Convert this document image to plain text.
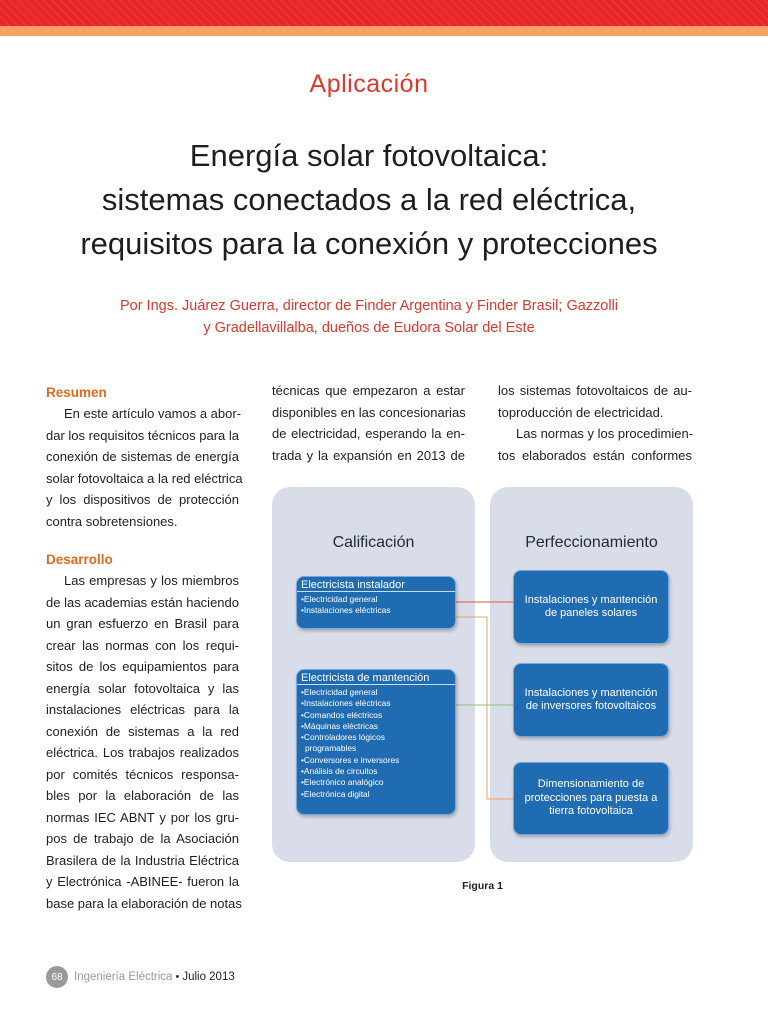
Aplicación
Energía solar fotovoltaica:
sistemas conectados a la red eléctrica,
requisitos para la conexión y protecciones
Por Ings. Juárez Guerra, director de Finder Argentina y Finder Brasil; Gazzolli
y Gradellavillalba, dueños de Eudora Solar del Este

Resumen

En este artículo vamos a abor-
dar los requisitos técnicos para la
conexión de sistemas de energía
solar fotovoltaica a la red eléctrica
y los dispositivos de protección
contra sobretensiones.

Desarrollo

Las empresas y los miembros
de las academias están haciendo
un gran esfuerzo en Brasil para
crear las normas con los requi-
sitos de los equipamientos para
energía solar fotovoltaica y las
instalaciones eléctricas para la
conexión de sistemas a la red
eléctrica. Los trabajos realizados
por comités técnicos responsa-
bles por la elaboración de las
normas IEC ABNT y por los gru-
pos de trabajo de la Asociación
Brasilera de la Industria Eléctrica
y Electrónica -ABINEE- fueron la
base para la elaboración de notas
técnicas que empezaron a estar
disponibles en las concesionarias
de electricidad, esperando la en-
trada y la expansión en 2013 de
los sistemas fotovoltaicos de au-
toproducción de electricidad.
Las normas y los procedimien-
tos elaborados están conformes
Calificación	Perfeccionamiento
Electricista instalador
•Electricidad general
•Instalaciones eléctricas
Electricista de mantención
•Electricidad general
•Instalaciones eléctricas
•Comandos eléctricos
•Máquinas eléctricas
•Controladores lógicos
programables
•Conversores e inversores
•Análisis de circuitos
•Electrónico analógico
•Electrónica digital
Instalaciones y mantención de paneles solares
Instalaciones y mantención de inversores fotovoltaicos
Dimensionamiento de protecciones para puesta a tierra fotovoltaica
Figura 1
68 Ingeniería Eléctrica • Julio 2013
